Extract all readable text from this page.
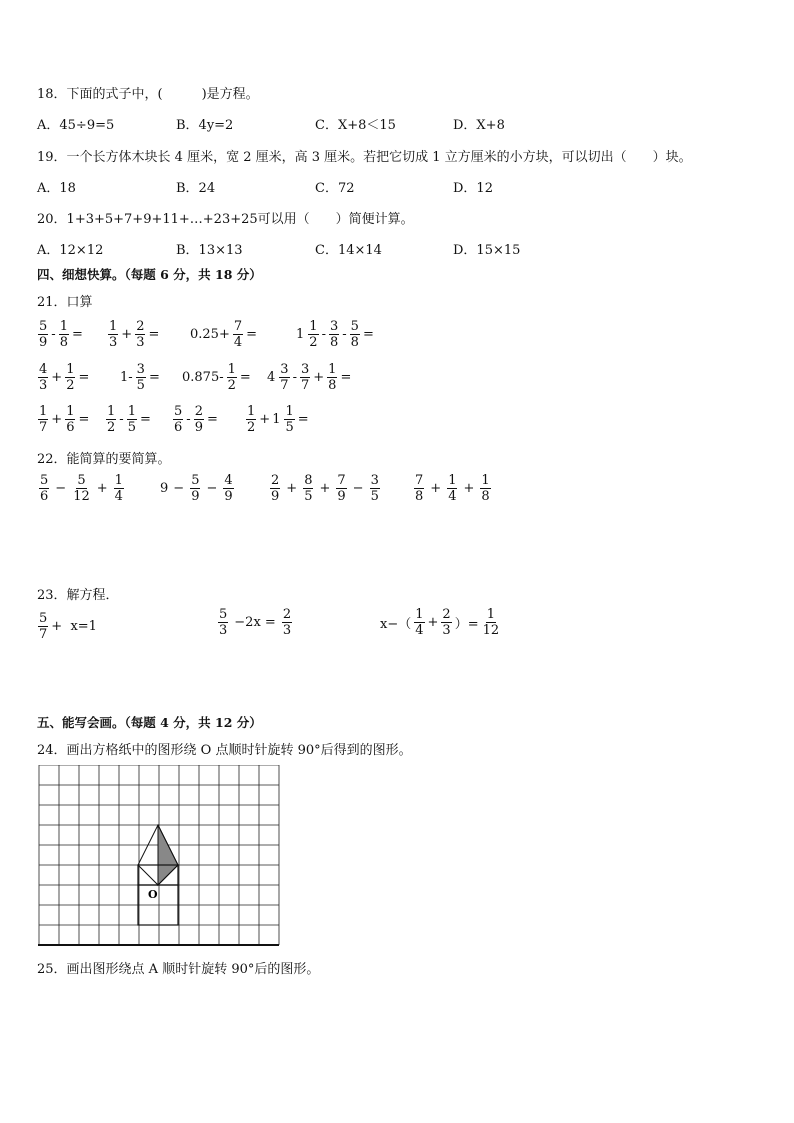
18．下面的式子中，(　　　)是方程。
A．45÷9=5	B．4y=2	C．X+8＜15	D．X+8
19．一个长方体木块长 4 厘米，宽 2 厘米，高 3 厘米。若把它切成 1 立方厘米的小方块，可以切出（　　）块。
A．18	B．24	C．72	D．12
20．1+3+5+7+9+11+…+23+25可以用（　　）简便计算。
A．12×12	B．13×13	C．14×14	D．15×15
四、细想快算。（每题 6 分，共 18 分）
21．口算
$\frac{5}{9} - \frac{1}{8} = \frac{1}{3} + \frac{2}{3} = 0.25+ \frac{7}{4}$ =	$1 \frac{1}{2} - \frac{3}{8} - \frac{5}{8}$ =
$\frac{4}{3} + \frac{1}{2} = 1- \frac{3}{5} = 0.875- \frac{1}{2} = 4 \frac{3}{7} - \frac{3}{7} + \frac{1}{8}$ =
$\frac{1}{7} + \frac{1}{6} = \frac{1}{2} - \frac{1}{5} = \frac{5}{6} - \frac{2}{9} = \frac{1}{2} + 1 \frac{1}{5}$ =
22．能简算的要简算。
$\frac{5}{6} - \frac{5}{12} + \frac{1}{4}$	$9 - \frac{5}{9} - \frac{4}{9}$	$\frac{2}{9} + \frac{8}{5} + \frac{7}{9} - \frac{3}{5}$	$\frac{7}{8} + \frac{1}{4} + \frac{1}{8}$
23．解方程．
$\frac{5}{7} + x=1$	$\frac{5}{3} -2x = \frac{2}{3}$	$x-( \frac{1}{4} + \frac{2}{3}$ ）= $\frac{1}{12}$
五、能写会画。（每题 4 分，共 12 分）
24．画出方格纸中的图形绕 O 点顺时针旋转 90°后得到的图形。
O
25．画出图形绕点 A 顺时针旋转 90°后的图形。
